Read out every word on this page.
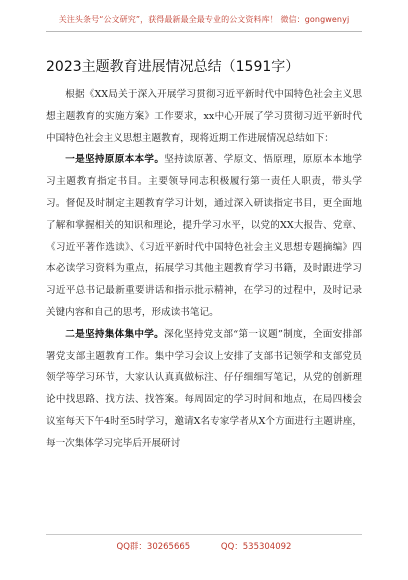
关注头条号“公文研究”，获得最新最全最专业的公文资料库！ 微信：gongwenyj
2023主题教育进展情况总结（1591字）

根据《XX局关于深入开展学习贯彻习近平新时代中国特色社会主义思想主题教育的实施方案》工作要求，xx中心开展了学习贯彻习近平新时代中国特色社会主义思想主题教育，现将近期工作进展情况总结如下：

一是坚持原原本本学。坚持读原著、学原文、悟原理，原原本本地学习主题教育指定书目。主要领导同志积极履行第一责任人职责，带头学习。督促及时制定主题教育学习计划，通过深入研读指定书目，更全面地了解和掌握相关的知识和理论，提升学习水平，以党的XX大报告、党章、《习近平著作选读》、《习近平新时代中国特色社会主义思想专题摘编》四本必读学习资料为重点，拓展学习其他主题教育学习书籍，及时跟进学习习近平总书记最新重要讲话和指示批示精神，在学习的过程中，及时记录关键内容和自己的思考，形成读书笔记。

二是坚持集体集中学。深化坚持党支部“第一议题”制度，全面安排部署党支部主题教育工作。集中学习会议上安排了支部书记领学和支部党员领学等学习环节，大家认认真真做标注、仔仔细细写笔记，从党的创新理论中找思路、找方法、找答案。每周固定的学习时间和地点，在局四楼会议室每天下午4时至5时学习，邀请X名专家学者从X个方面进行主题讲座，每一次集体学习完毕后开展研讨

QQ群：30265665	QQ：535304092
